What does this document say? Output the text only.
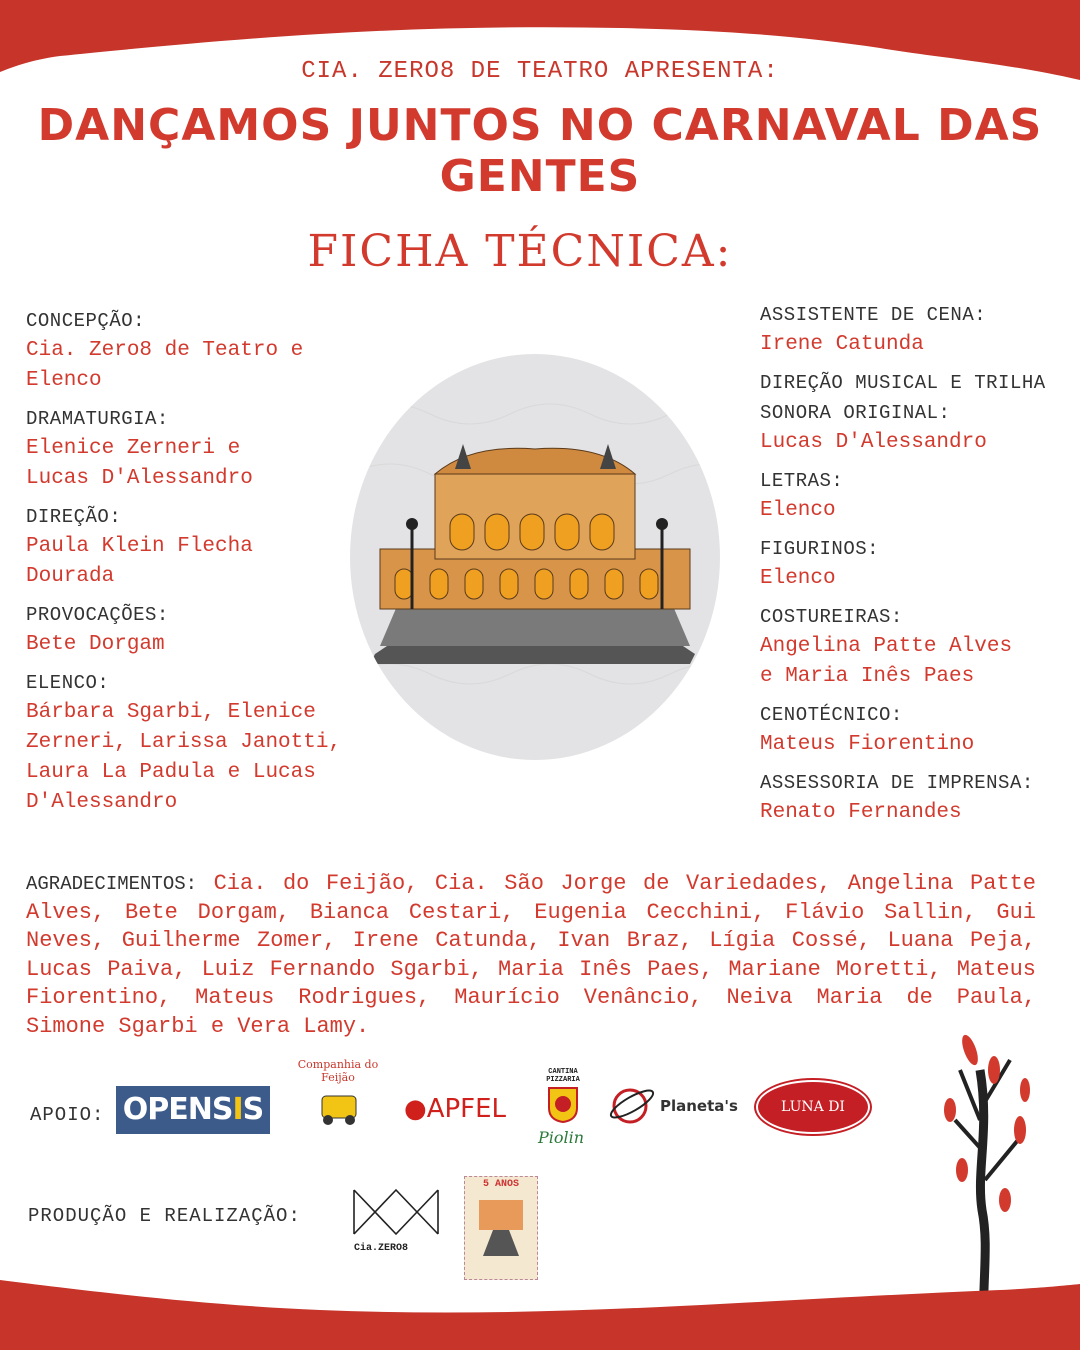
CIA. ZERO8 DE TEATRO APRESENTA:
DANÇAMOS JUNTOS NO CARNAVAL DAS GENTES
FICHA TÉCNICA:
CONCEPÇÃO:
Cia. Zero8 de Teatro e Elenco
DRAMATURGIA:
Elenice Zerneri e Lucas D'Alessandro
DIREÇÃO:
Paula Klein Flecha Dourada
PROVOCAÇÕES:
Bete Dorgam
ELENCO:
Bárbara Sgarbi, Elenice Zerneri, Larissa Janotti, Laura La Padula e Lucas D'Alessandro
ASSISTENTE DE CENA:
Irene Catunda
DIREÇÃO MUSICAL E TRILHA SONORA ORIGINAL:
Lucas D'Alessandro
LETRAS:
Elenco
FIGURINOS:
Elenco
COSTUREIRAS:
Angelina Patte Alves e Maria Inês Paes
CENOTÉCNICO:
Mateus Fiorentino
ASSESSORIA DE IMPRENSA:
Renato Fernandes
AGRADECIMENTOS: Cia. do Feijão, Cia. São Jorge de Variedades, Angelina Patte Alves, Bete Dorgam, Bianca Cestari, Eugenia Cecchini, Flávio Sallin, Gui Neves, Guilherme Zomer, Irene Catunda, Ivan Braz, Lígia Cossé, Luana Peja, Lucas Paiva, Luiz Fernando Sgarbi, Maria Inês Paes, Mariane Moretti, Mateus Fiorentino, Mateus Rodrigues, Maurício Venâncio, Neiva Maria de Paula, Simone Sgarbi e Vera Lamy.
APOIO: OPENSIS
Companhia do Feijão
●APFEL
CANTINA PIZZARIA
Piolin
Planeta's	LUNA DI CAPRI
PRODUÇÃO E REALIZAÇÃO:
Cia.ZERO8
5 ANOS
